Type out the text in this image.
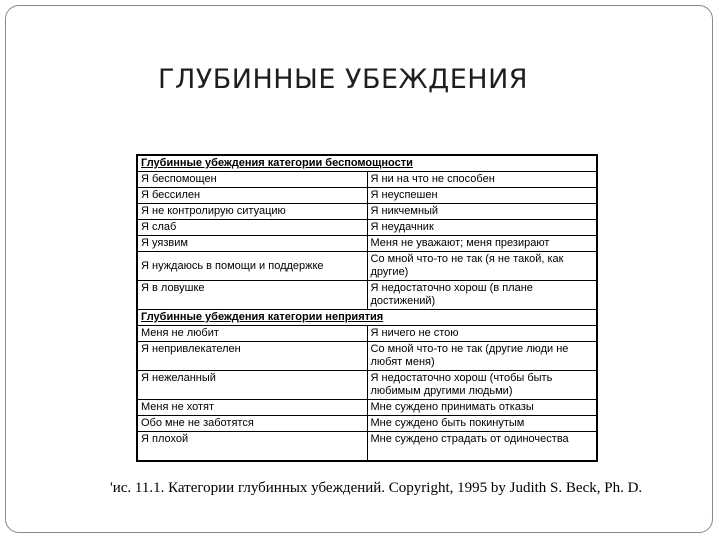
ГЛУБИННЫЕ УБЕЖДЕНИЯ
Глубинные убеждения категории беспомощности	
Я беспомощен	Я ни на что не способен
Я бессилен	Я неуспешен
Я не контролирую ситуацию	Я никчемный
Я слаб	Я неудачник
Я уязвим	Меня не уважают; меня презирают
Я нуждаюсь в помощи и поддержке	Со мной что-то не так (я не такой, как другие)
Я в ловушке	Я недостаточно хорош (в плане достижений)
Глубинные убеждения категории неприятия	
Меня не любит	Я ничего не стою
Я непривлекателен	Со мной что-то не так (другие люди не любят меня)
Я нежеланный	Я недостаточно хорош (чтобы быть любимым другими людьми)
Меня не хотят	Мне суждено принимать отказы
Обо мне не заботятся	Мне суждено быть покинутым
Я плохой	Мне суждено страдать от одиночества
'ис. 11.1. Категории глубинных убеждений. Copyright, 1995 by Judith S. Beck, Ph. D.
